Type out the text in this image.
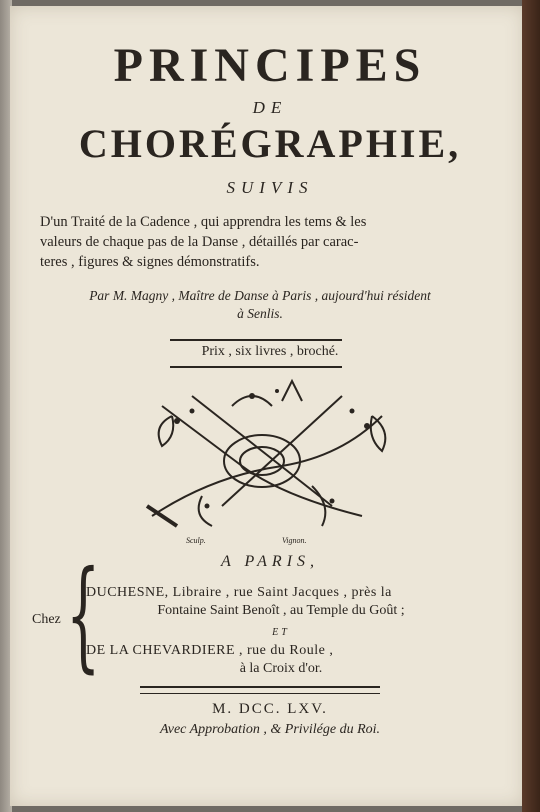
PRINCIPES
DE
CHORÉGRAPHIE,
SUIVIS
D'un Traité de la Cadence , qui apprendra les tems & les
valeurs de chaque pas de la Danse , détaillés par carac-
teres , figures & signes démonstratifs.
Par M. Magny , Maître de Danse à Paris , aujourd'hui résident
à Senlis.
Prix , six livres , broché.
Sculp.	Vignon.
A PARIS,
Chez {
DUCHESNE, Libraire , rue Saint Jacques , près la
Fontaine Saint Benoît , au Temple du Goût ;
ET
DE LA CHEVARDIERE , rue du Roule ,
à la Croix d'or.
M. DCC. LXV.
Avec Approbation , & Privilége du Roi.
